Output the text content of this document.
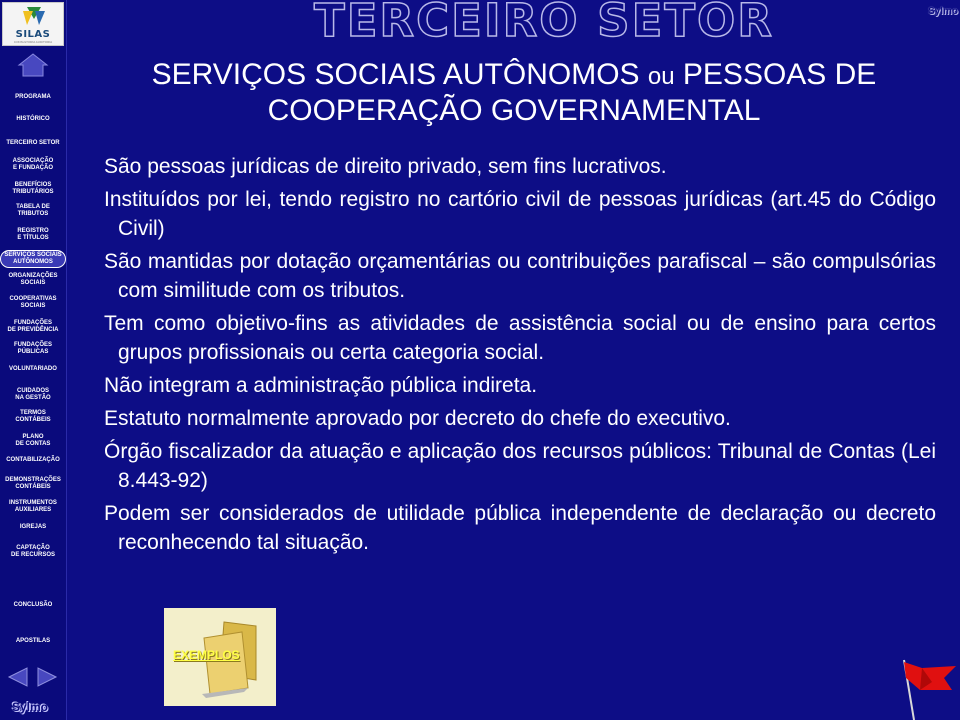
SILAS
CONSULTORIA AUDITORIA
PROGRAMA
HISTÓRICO
TERCEIRO SETOR
ASSOCIAÇÃO
E FUNDAÇÃO
BENEFÍCIOS
TRIBUTÁRIOS
TABELA DE
TRIBUTOS
REGISTRO
E TÍTULOS
SERVIÇOS SOCIAIS
AUTÔNOMOS
ORGANIZAÇÕES
SOCIAIS
COOPERATIVAS
SOCIAIS
FUNDAÇÕES
DE PREVIDÊNCIA
FUNDAÇÕES
PÚBLICAS
VOLUNTARIADO
CUIDADOS
NA GESTÃO
TERMOS
CONTÁBEIS
PLANO
DE CONTAS
CONTABILIZAÇÃO
DEMONSTRAÇÕES
CONTÁBEIS
INSTRUMENTOS
AUXILIARES
IGREJAS
CAPTAÇÃO
DE RECURSOS
CONCLUSÃO
APOSTILAS
Sylmo
TERCEIRO SETOR	Sylmo
SERVIÇOS SOCIAIS AUTÔNOMOS ou PESSOAS DE COOPERAÇÃO GOVERNAMENTAL

São pessoas jurídicas de direito privado, sem fins lucrativos.

Instituídos por lei, tendo registro no cartório civil de pessoas jurídicas (art.45 do Código Civil)

São mantidas por dotação orçamentárias ou contribuições parafiscal – são compulsórias com similitude com os tributos.

Tem como objetivo-fins as atividades de assistência social ou de ensino para certos grupos profissionais ou certa categoria social.

Não integram a administração pública indireta.

Estatuto normalmente aprovado por decreto do chefe do executivo.

Órgão fiscalizador da atuação e aplicação dos recursos públicos: Tribunal de Contas (Lei 8.443-92)

Podem ser considerados de utilidade pública independente de declaração ou decreto reconhecendo tal situação.

EXEMPLOS
